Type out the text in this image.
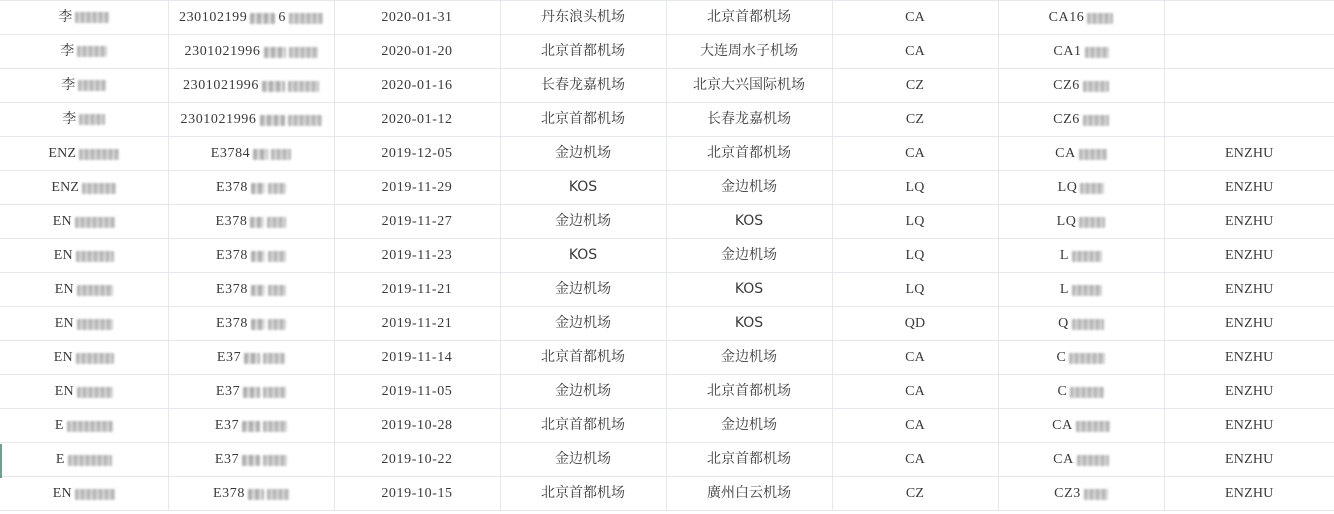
李	230102199 6	2020-01-31	丹东浪头机场	北京首都机场	CA	CA16	

李	2301021996	2020-01-20	北京首都机场	大连周水子机场	CA	CA1	

李	2301021996	2020-01-16	长春龙嘉机场	北京大兴国际机场	CZ	CZ6	

李	2301021996	2020-01-12	北京首都机场	长春龙嘉机场	CZ	CZ6	

ENZ	E3784	2019-12-05	金边机场	北京首都机场	CA	CA	ENZHU

ENZ	E378	2019-11-29	KOS	金边机场	LQ	LQ	ENZHU

EN	E378	2019-11-27	金边机场	KOS	LQ	LQ	ENZHU

EN	E378	2019-11-23	KOS	金边机场	LQ	L	ENZHU

EN	E378	2019-11-21	金边机场	KOS	LQ	L	ENZHU

EN	E378	2019-11-21	金边机场	KOS	QD	Q	ENZHU

EN	E37	2019-11-14	北京首都机场	金边机场	CA	C	ENZHU

EN	E37	2019-11-05	金边机场	北京首都机场	CA	C	ENZHU

E	E37	2019-10-28	北京首都机场	金边机场	CA	CA	ENZHU

E	E37	2019-10-22	金边机场	北京首都机场	CA	CA	ENZHU

EN	E378	2019-10-15	北京首都机场	廣州白云机场	CZ	CZ3	ENZHU
